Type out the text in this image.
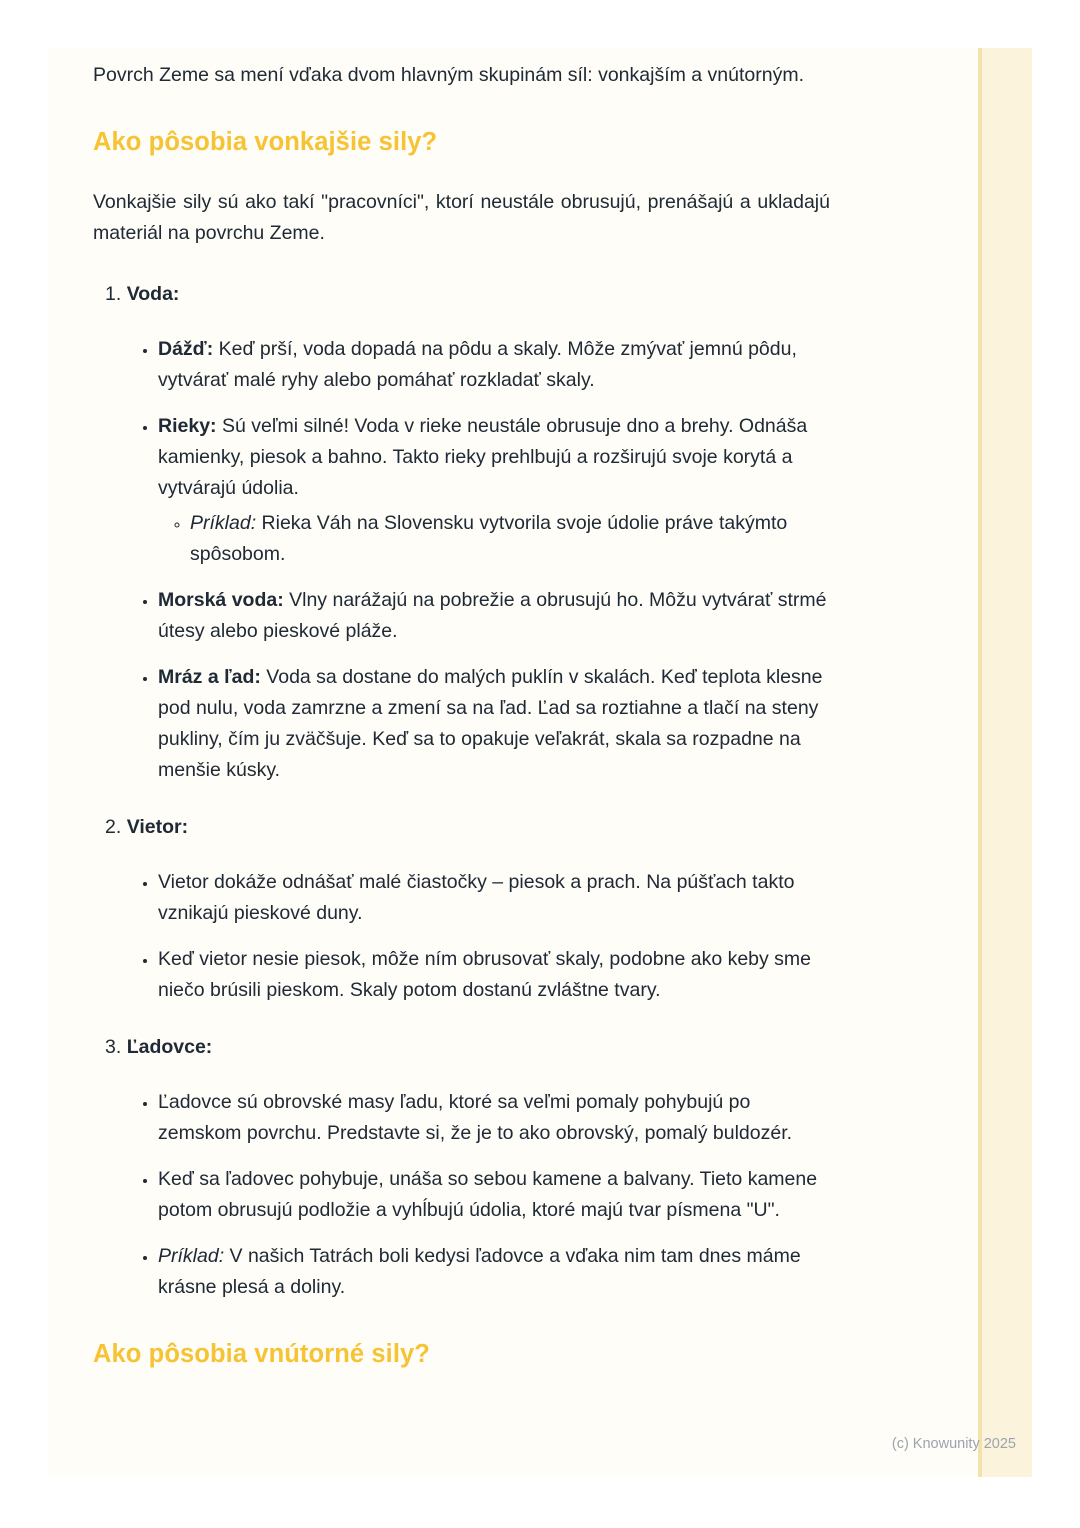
Povrch Zeme sa mení vďaka dvom hlavným skupinám síl: vonkajším a vnútorným.

Ako pôsobia vonkajšie sily?

Vonkajšie sily sú ako takí "pracovníci", ktorí neustále obrusujú, prenášajú a ukladajú materiál na povrchu Zeme.

1. Voda:
• Dážď: Keď prší, voda dopadá na pôdu a skaly. Môže zmývať jemnú pôdu, vytvárať malé ryhy alebo pomáhať rozkladať skaly.
• Rieky: Sú veľmi silné! Voda v rieke neustále obrusuje dno a brehy. Odnáša kamienky, piesok a bahno. Takto rieky prehlbujú a rozširujú svoje korytá a vytvárajú údolia.
◦ Príklad: Rieka Váh na Slovensku vytvorila svoje údolie práve takýmto spôsobom.
• Morská voda: Vlny narážajú na pobrežie a obrusujú ho. Môžu vytvárať strmé útesy alebo pieskové pláže.
• Mráz a ľad: Voda sa dostane do malých puklín v skalách. Keď teplota klesne pod nulu, voda zamrzne a zmení sa na ľad. Ľad sa roztiahne a tlačí na steny pukliny, čím ju zväčšuje. Keď sa to opakuje veľakrát, skala sa rozpadne na menšie kúsky.
2. Vietor:
• Vietor dokáže odnášať malé čiastočky – piesok a prach. Na púšťach takto vznikajú pieskové duny.
• Keď vietor nesie piesok, môže ním obrusovať skaly, podobne ako keby sme niečo brúsili pieskom. Skaly potom dostanú zvláštne tvary.
3. Ľadovce:
• Ľadovce sú obrovské masy ľadu, ktoré sa veľmi pomaly pohybujú po zemskom povrchu. Predstavte si, že je to ako obrovský, pomalý buldozér.
• Keď sa ľadovec pohybuje, unáša so sebou kamene a balvany. Tieto kamene potom obrusujú podložie a vyhĺbujú údolia, ktoré majú tvar písmena "U".
• Príklad: V našich Tatrách boli kedysi ľadovce a vďaka nim tam dnes máme krásne plesá a doliny.
Ako pôsobia vnútorné sily?
(c) Knowunity 2025
